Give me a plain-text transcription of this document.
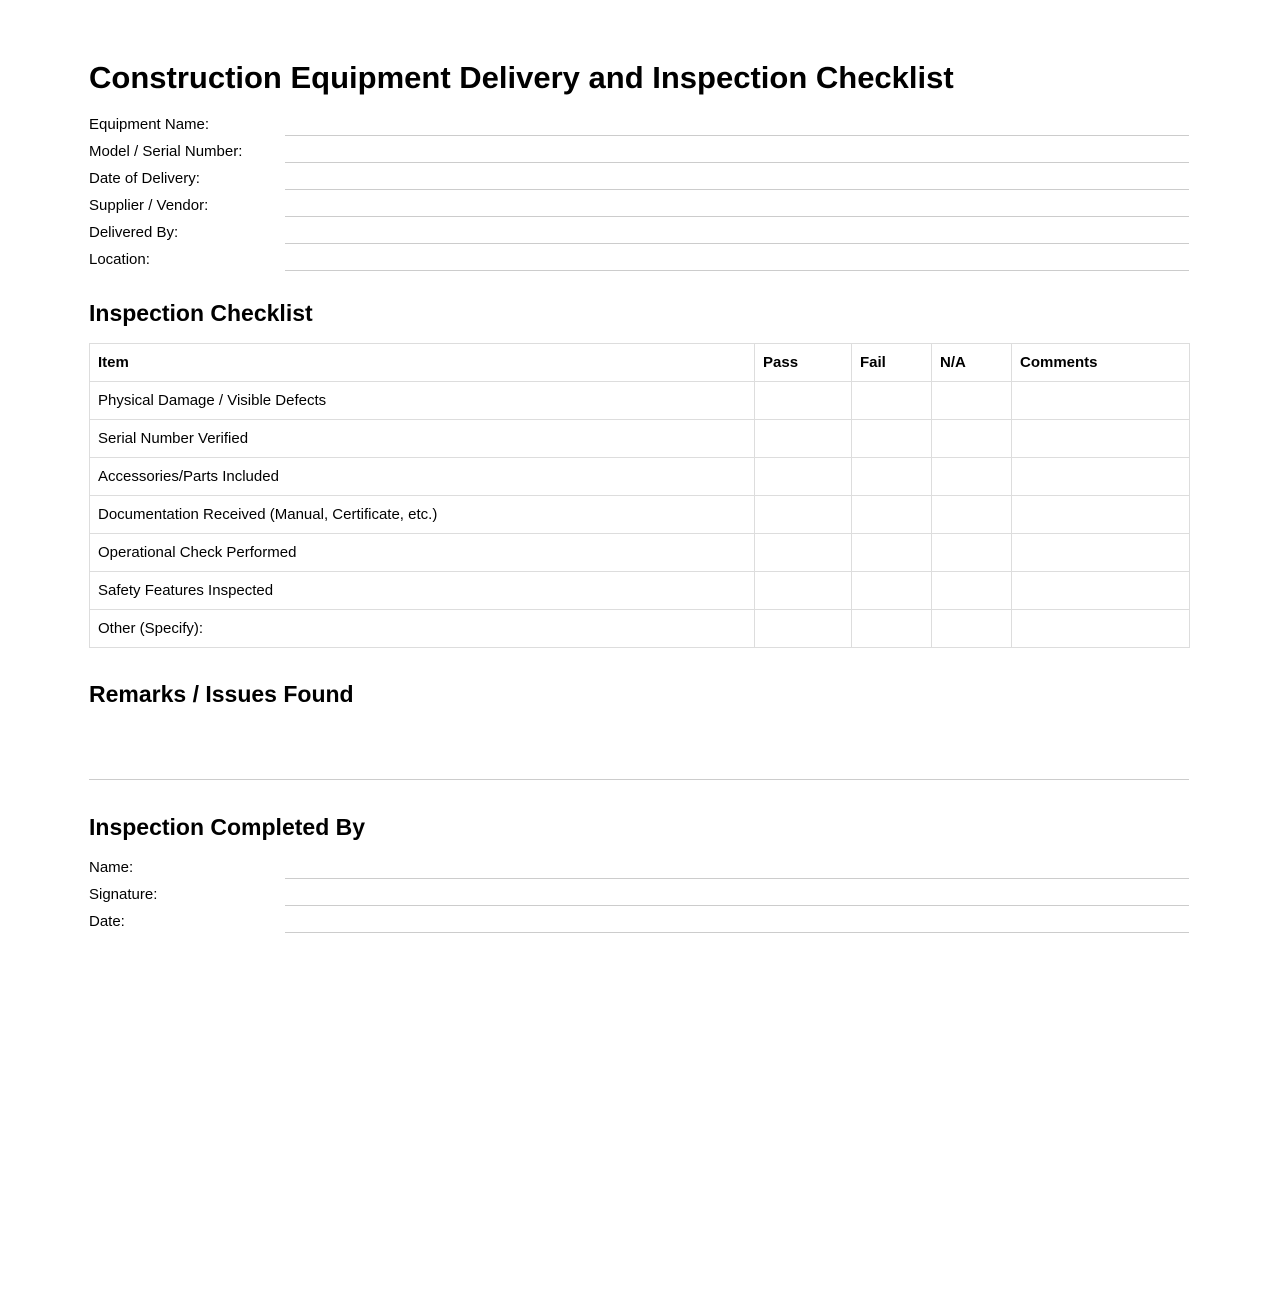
Construction Equipment Delivery and Inspection Checklist
Equipment Name:
Model / Serial Number:
Date of Delivery:
Supplier / Vendor:
Delivered By:
Location:
Inspection Checklist
Item	Pass	Fail	N/A	Comments
Physical Damage / Visible Defects				
Serial Number Verified				
Accessories/Parts Included				
Documentation Received (Manual, Certificate, etc.)				
Operational Check Performed				
Safety Features Inspected				
Other (Specify):				
Remarks / Issues Found
Inspection Completed By
Name:
Signature:
Date:
